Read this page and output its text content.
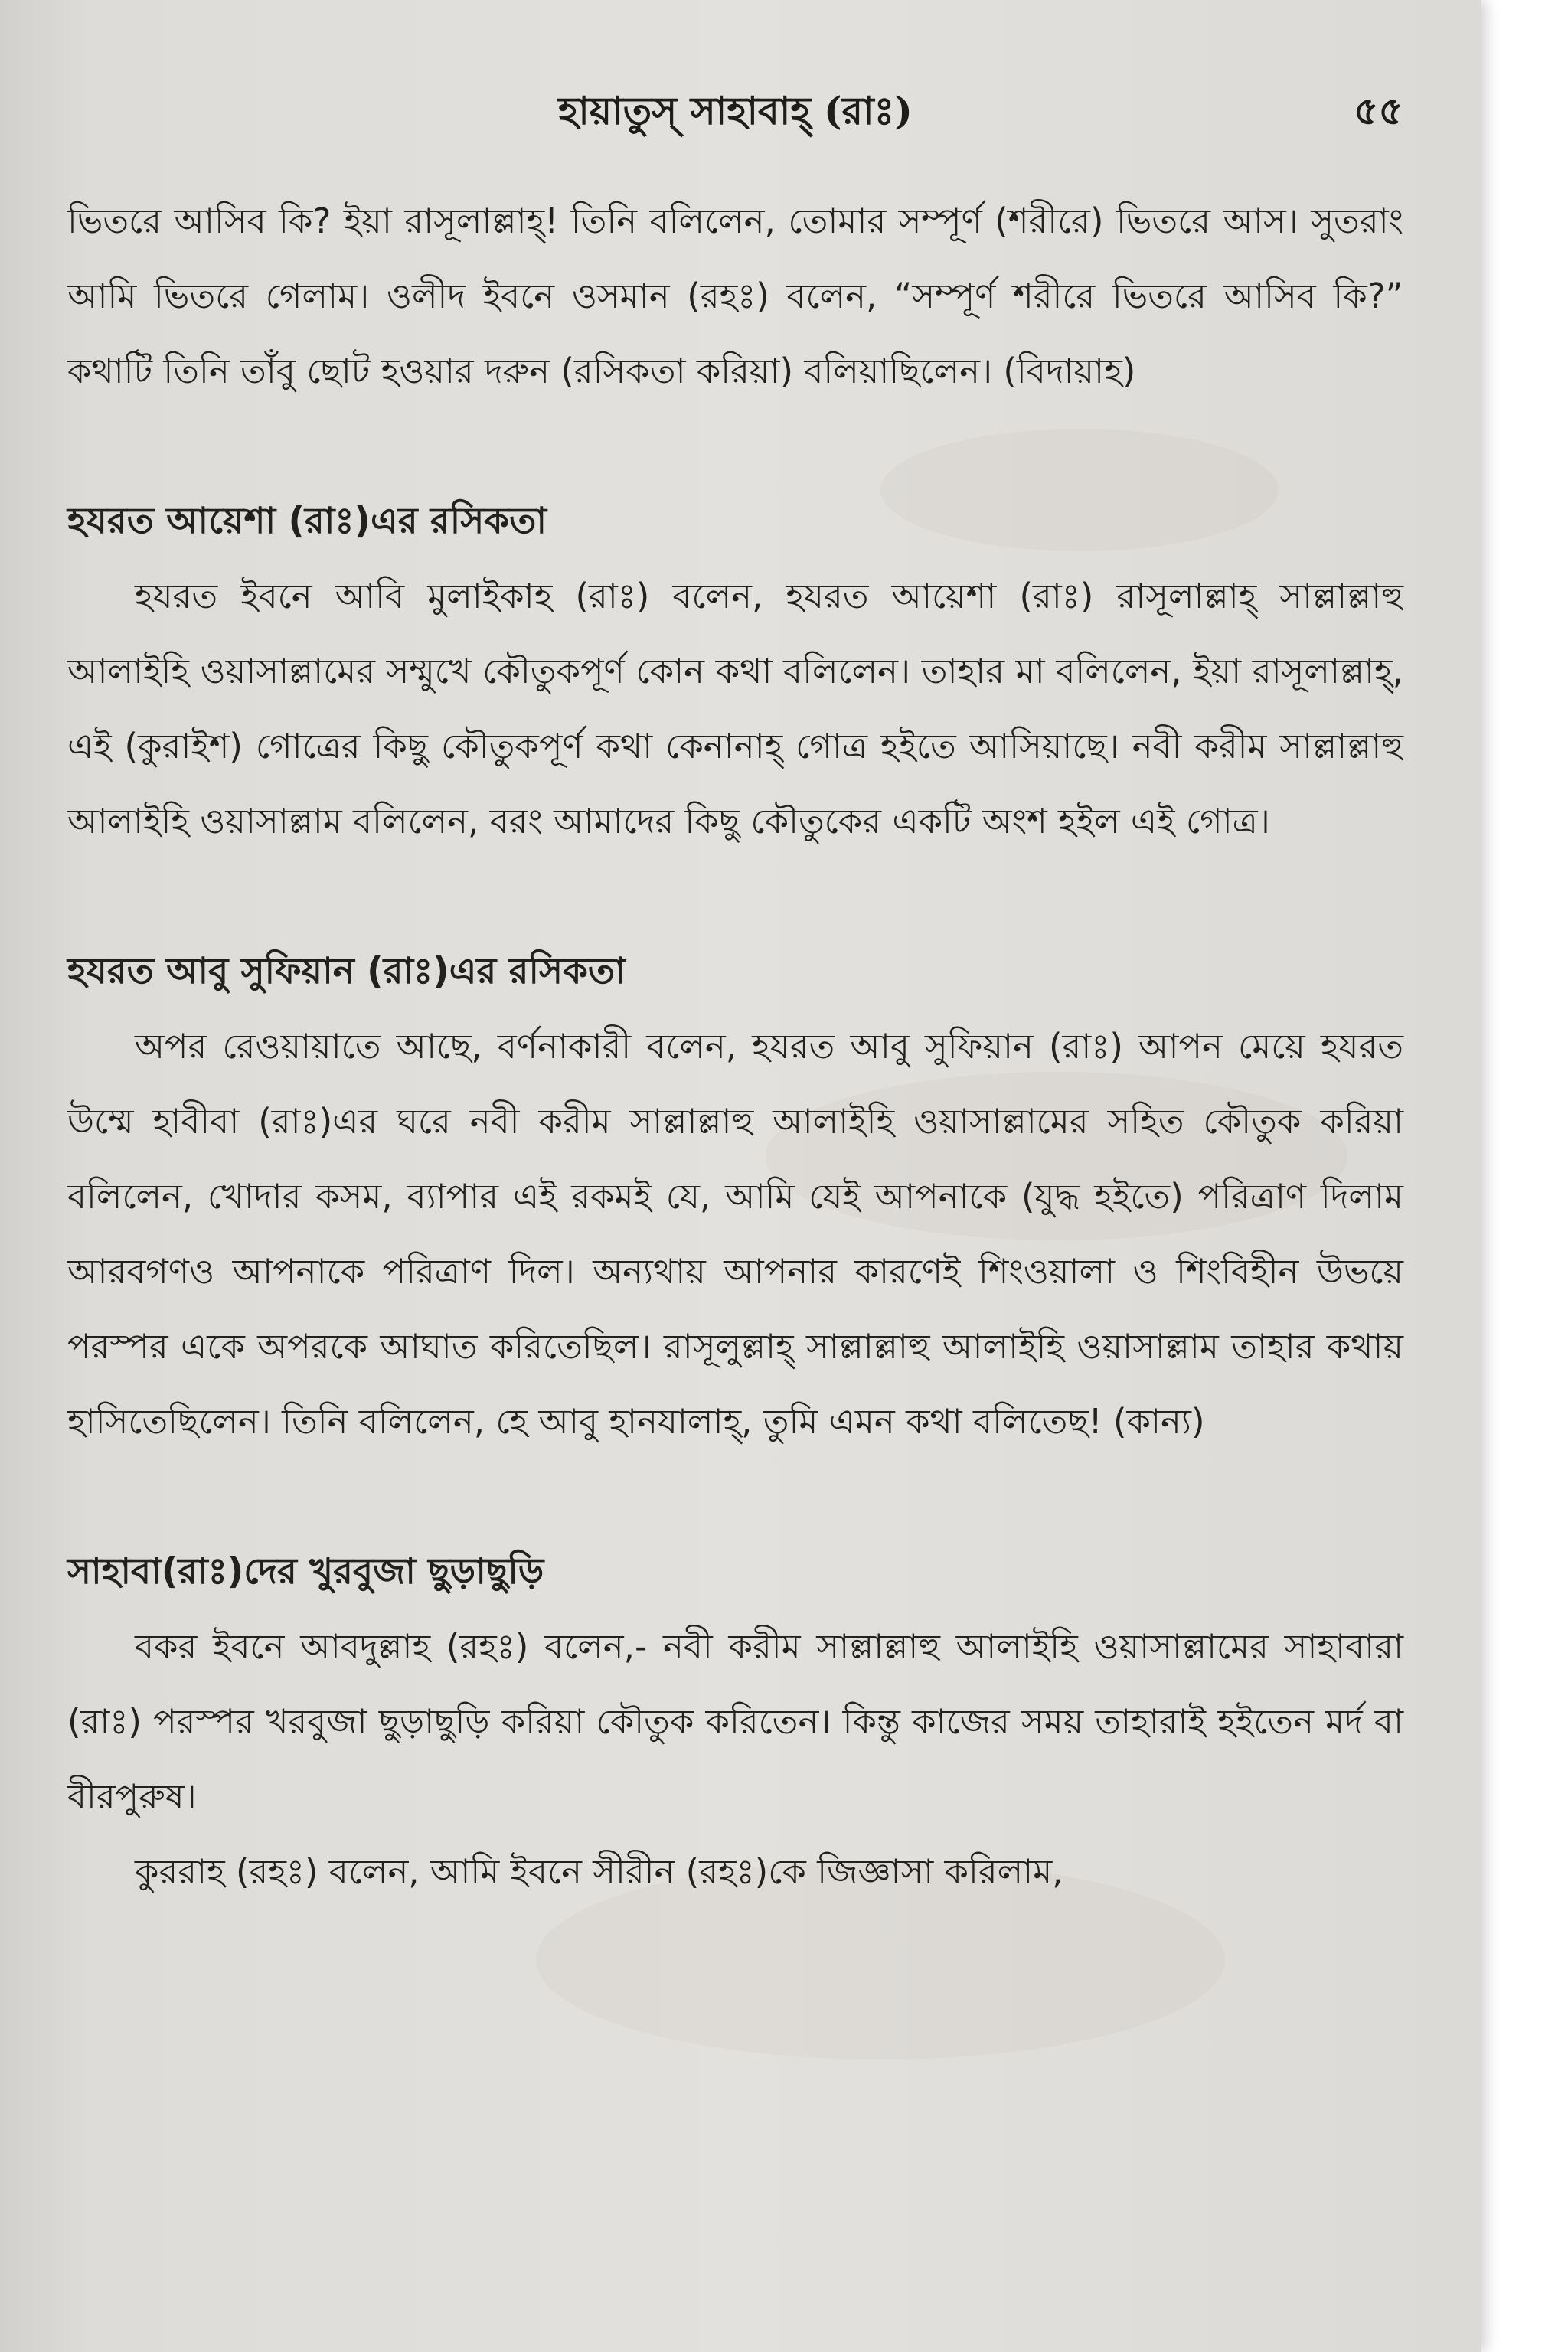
হায়াতুস্ সাহাবাহ্ (রাঃ)	৫৫

ভিতরে আসিব কি? ইয়া রাসূলাল্লাহ্! তিনি বলিলেন, তোমার সম্পূর্ণ (শরীরে) ভিতরে আস। সুতরাং আমি ভিতরে গেলাম। ওলীদ ইবনে ওসমান (রহঃ) বলেন, “সম্পূর্ণ শরীরে ভিতরে আসিব কি?” কথাটি তিনি তাঁবু ছোট হওয়ার দরুন (রসিকতা করিয়া) বলিয়াছিলেন। (বিদায়াহ)

হযরত আয়েশা (রাঃ)এর রসিকতা

হযরত ইবনে আবি মুলাইকাহ (রাঃ) বলেন, হযরত আয়েশা (রাঃ) রাসূলাল্লাহ্ সাল্লাল্লাহু আলাইহি ওয়াসাল্লামের সম্মুখে কৌতুকপূর্ণ কোন কথা বলিলেন। তাহার মা বলিলেন, ইয়া রাসূলাল্লাহ্, এই (কুরাইশ) গোত্রের কিছু কৌতুকপূর্ণ কথা কেনানাহ্ গোত্র হইতে আসিয়াছে। নবী করীম সাল্লাল্লাহু আলাইহি ওয়াসাল্লাম বলিলেন, বরং আমাদের কিছু কৌতুকের একটি অংশ হইল এই গোত্র।

হযরত আবু সুফিয়ান (রাঃ)এর রসিকতা

অপর রেওয়ায়াতে আছে, বর্ণনাকারী বলেন, হযরত আবু সুফিয়ান (রাঃ) আপন মেয়ে হযরত উম্মে হাবীবা (রাঃ)এর ঘরে নবী করীম সাল্লাল্লাহু আলাইহি ওয়াসাল্লামের সহিত কৌতুক করিয়া বলিলেন, খোদার কসম, ব্যাপার এই রকমই যে, আমি যেই আপনাকে (যুদ্ধ হইতে) পরিত্রাণ দিলাম আরবগণও আপনাকে পরিত্রাণ দিল। অন্যথায় আপনার কারণেই শিংওয়ালা ও শিংবিহীন উভয়ে পরস্পর একে অপরকে আঘাত করিতেছিল। রাসূলুল্লাহ্ সাল্লাল্লাহু আলাইহি ওয়াসাল্লাম তাহার কথায় হাসিতেছিলেন। তিনি বলিলেন, হে আবু হানযালাহ্, তুমি এমন কথা বলিতেছ! (কান্য)

সাহাবা(রাঃ)দের খুরবুজা ছুড়াছুড়ি

বকর ইবনে আবদুল্লাহ (রহঃ) বলেন,- নবী করীম সাল্লাল্লাহু আলাইহি ওয়াসাল্লামের সাহাবারা (রাঃ) পরস্পর খরবুজা ছুড়াছুড়ি করিয়া কৌতুক করিতেন। কিন্তু কাজের সময় তাহারাই হইতেন মর্দ বা বীরপুরুষ।

কুররাহ (রহঃ) বলেন, আমি ইবনে সীরীন (রহঃ)কে জিজ্ঞাসা করিলাম,
